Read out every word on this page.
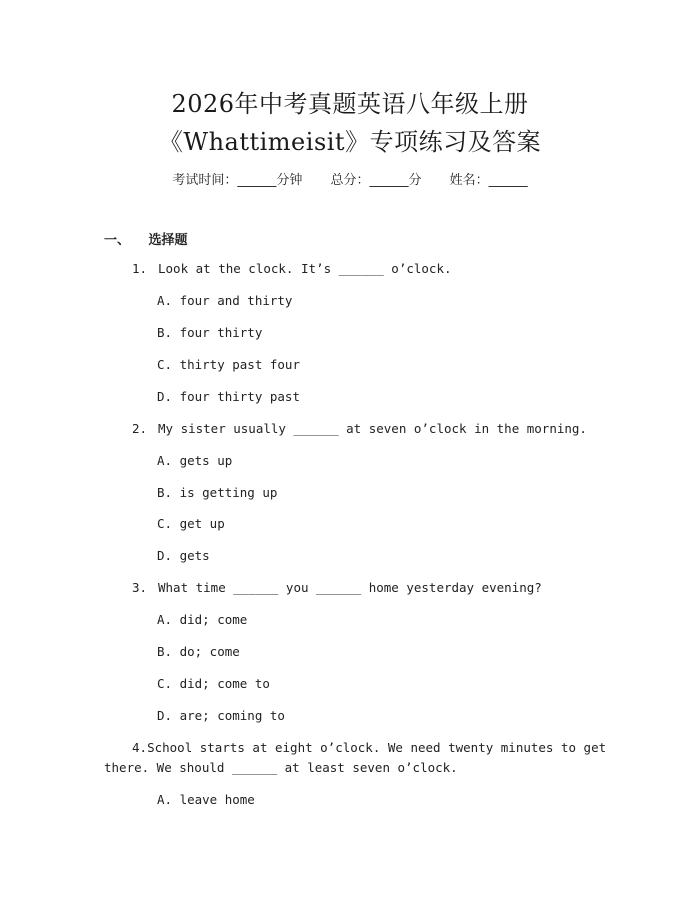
2026年中考真题英语八年级上册
《Whattimeisit》专项练习及答案
考试时间：______分钟 总分：______分 姓名：______
一、 选择题
1. Look at the clock. It’s ______ o’clock.
A. four and thirty
B. four thirty
C. thirty past four
D. four thirty past
2. My sister usually ______ at seven o’clock in the morning.
A. gets up
B. is getting up
C. get up
D. gets
3. What time ______ you ______ home yesterday evening?
A. did; come
B. do; come
C. did; come to
D. are; coming to
4.School starts at eight o’clock. We need twenty minutes to get
there. We should ______ at least seven o’clock.
A. leave home
